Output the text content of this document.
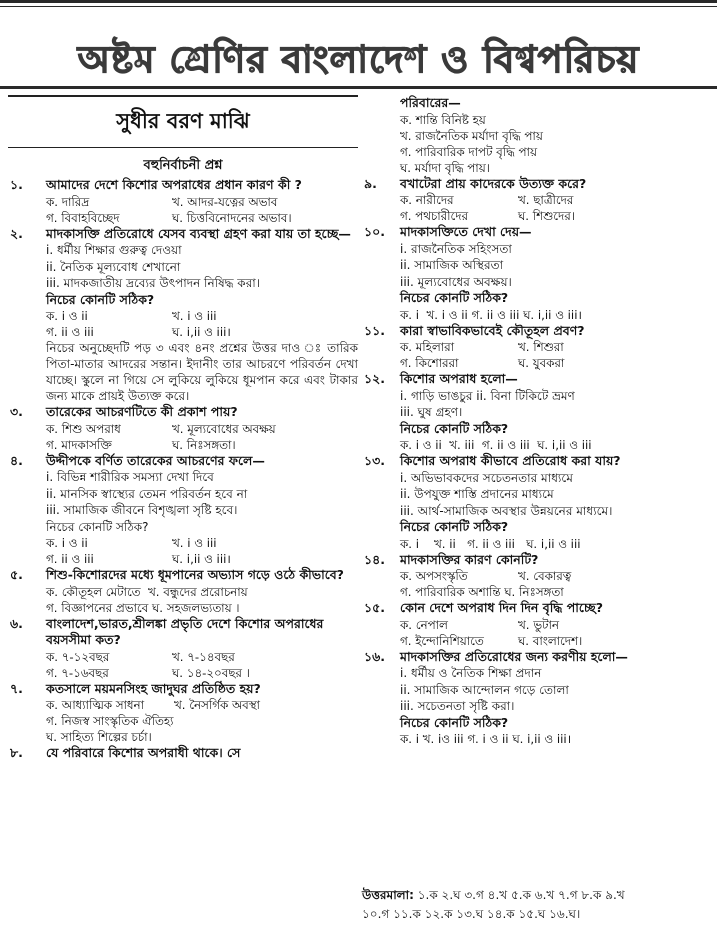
অষ্টম শ্রেণির বাংলাদেশ ও বিশ্বপরিচয়
সুধীর বরণ মাঝি
বহুনির্বাচনী প্রশ্ন
১. আমাদের দেশে কিশোর অপরাধের প্রধান কারণ কী ?
ক. দারিদ্র	খ. আদর-যত্নের অভাব
গ. বিবাহবিচ্ছেদ	ঘ. চিত্তবিনোদনের অভাব।
২. মাদকাসক্তি প্রতিরোধে যেসব ব্যবস্থা গ্রহণ করা যায় তা হচ্ছে—
i. ধর্মীয় শিক্ষার গুরুত্ব দেওয়া
ii. নৈতিক মূল্যবোধ শেখানো
iii. মাদকজাতীয় দ্রব্যের উৎপাদন নিষিদ্ধ করা।
নিচের কোনটি সঠিক?
ক. i ও ii	খ. i ও iii
গ. ii ও iii	ঘ. i,ii ও iii।
নিচের অনুচ্ছেদটি পড় ৩ এবং ৪নং প্রশ্নের উত্তর দাও ঃ তারিক পিতা-মাতার আদরের সন্তান। ইদানীং তার আচরণে পরিবর্তন দেখা যাচ্ছে। স্কুলে না গিয়ে সে লুকিয়ে লুকিয়ে ধূমপান করে এবং টাকার জন্য মাকে প্রায়ই উত্যক্ত করে।
৩. তারেকের আচরণটিতে কী প্রকাশ পায়?
ক. শিশু অপরাধ	খ. মূল্যবোধের অবক্ষয়
গ. মাদকাসক্তি	ঘ. নিঃসঙ্গতা।
৪. উদ্দীপকে বর্ণিত তারেকের আচরণের ফলে—
i. বিভিন্ন শারীরিক সমস্যা দেখা দিবে
ii. মানসিক স্বাস্থ্যের তেমন পরিবর্তন হবে না
iii. সামাজিক জীবনে বিশৃঙ্খলা সৃষ্টি হবে।
নিচের কোনটি সঠিক?
ক. i ও ii	খ. i ও iii
গ. ii ও iii	ঘ. i,ii ও iii।
৫. শিশু-কিশোরদের মধ্যে ধূমপানের অভ্যাস গড়ে ওঠে কীভাবে?
ক. কৌতূহল মেটাতে  খ. বন্ধুদের প্ররোচনায়
গ. বিজ্ঞাপনের প্রভাবে ঘ. সহজলভ্যতায় ।
৬. বাংলাদেশ,ভারত,শ্রীলঙ্কা প্রভৃতি দেশে কিশোর অপরাধের বয়সসীমা কত?
ক. ৭-১২বছর	খ. ৭-১৪বছর
গ. ৭-১৬বছর	ঘ. ১৪-২০বছর ।
৭. কতসালে ময়মনসিংহ জাদুঘর প্রতিষ্ঠিত হয়?
ক. আধ্যাত্মিক সাধনা        খ. নৈসর্গিক অবস্থা
গ. নিজস্ব সাংস্কৃতিক ঐতিহ্য
ঘ. সাহিত্য শিল্পের চর্চা।
৮. যে পরিবারে কিশোর অপরাধী থাকে। সে
পরিবারের—
ক. শান্তি বিনিষ্ট হয়
খ. রাজনৈতিক মর্যাদা বৃদ্ধি পায়
গ. পারিবারিক দাপট বৃদ্ধি পায়
ঘ. মর্যাদা বৃদ্ধি পায়।
৯. বখাটেরা প্রায় কাদেরকে উত্যক্ত করে?
ক. নারীদের	খ. ছাত্রীদের
গ. পথচারীদের	ঘ. শিশুদের।
১০. মাদকাসক্তিতে দেখা দেয়—
i. রাজনৈতিক সহিংসতা
ii. সামাজিক অস্থিরতা
iii. মূল্যবোধের অবক্ষয়।
নিচের কোনটি সঠিক?
ক. i  খ. i ও ii গ. ii ও iii ঘ. i,ii ও iii।
১১. কারা স্বাভাবিকভাবেই কৌতূহল প্রবণ?
ক. মহিলারা	খ. শিশুরা
গ. কিশোররা	ঘ. যুবকরা
১২. কিশোর অপরাধ হলো—
i. গাড়ি ভাঙচুর ii. বিনা টিকিটে ভ্রমণ
iii. ঘুষ গ্রহণ।
নিচের কোনটি সঠিক?
ক. i ও ii  খ. iii  গ. ii ও iii  ঘ. i,ii ও iii
১৩. কিশোর অপরাধ কীভাবে প্রতিরোধ করা যায়?
i. অভিভাবকদের সচেতনতার মাধ্যমে
ii. উপযুক্ত শাস্তি প্রদানের মাধ্যমে
iii. আর্থ-সামাজিক অবস্থার উন্নয়নের মাধ্যমে।
নিচের কোনটি সঠিক?
ক. i    খ. ii   গ. ii ও iii   ঘ. i,ii ও iii
১৪. মাদকাসক্তির কারণ কোনটি?
ক. অপসংস্কৃতি	খ. বেকারত্ব
গ. পারিবারিক অশান্তি ঘ. নিঃসঙ্গতা
১৫. কোন দেশে অপরাধ দিন দিন বৃদ্ধি পাচ্ছে?
ক. নেপাল	খ. ভুটান
গ. ইন্দোনিশিয়াতে	ঘ. বাংলাদেশ।
১৬. মাদকাসক্তির প্রতিরোধের জন্য করণীয় হলো—
i. ধর্মীয় ও নৈতিক শিক্ষা প্রদান
ii. সামাজিক আন্দোলন গড়ে তোলা
iii. সচেতনতা সৃষ্টি করা।
নিচের কোনটি সঠিক?
ক. i খ. iও iii গ. i ও ii ঘ. i,ii ও iii।
উত্তরমালা: ১.ক ২.ঘ ৩.গ ৪.খ ৫.ক ৬.খ ৭.গ ৮.ক ৯.খ
১০.গ ১১.ক ১২.ক ১৩.ঘ ১৪.ক ১৫.ঘ ১৬.ঘ।
